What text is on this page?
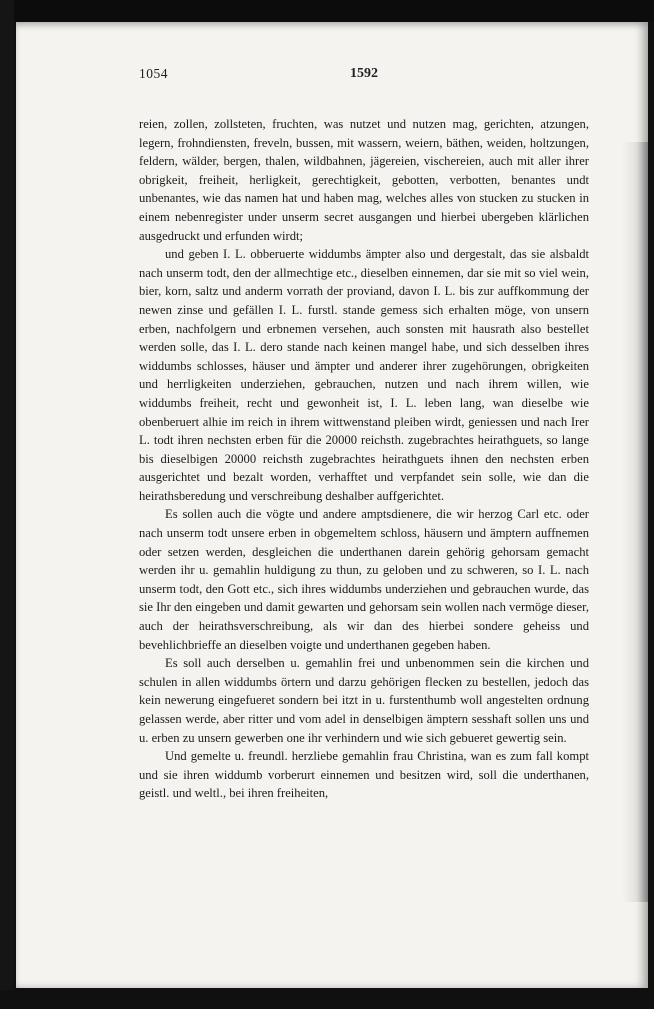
1054	1592

reien, zollen, zollsteten, fruchten, was nutzet und nutzen mag, gerichten, atzungen, legern, frohndiensten, freveln, bussen, mit wassern, weiern, bäthen, weiden, holtzungen, feldern, wälder, bergen, thalen, wildbahnen, jägereien, vischereien, auch mit aller ihrer obrigkeit, freiheit, herligkeit, gerechtigkeit, gebotten, verbotten, benantes undt unbenantes, wie das namen hat und haben mag, welches alles von stucken zu stucken in einem nebenregister under unserm secret ausgangen und hierbei ubergeben klärlichen ausgedruckt und erfunden wirdt;

und geben I. L. obberuerte widdumbs ämpter also und dergestalt, das sie alsbaldt nach unserm todt, den der allmechtige etc., dieselben einnemen, dar sie mit so viel wein, bier, korn, saltz und anderm vorrath der proviand, davon I. L. bis zur auffkommung der newen zinse und gefällen I. L. furstl. stande gemess sich erhalten möge, von unsern erben, nachfolgern und erbnemen versehen, auch sonsten mit hausrath also bestellet werden solle, das I. L. dero stande nach keinen mangel habe, und sich desselben ihres widdumbs schlosses, häuser und ämpter und anderer ihrer zugehörungen, obrigkeiten und herrligkeiten underziehen, gebrauchen, nutzen und nach ihrem willen, wie widdumbs freiheit, recht und gewonheit ist, I. L. leben lang, wan dieselbe wie obenberuert alhie im reich in ihrem wittwenstand pleiben wirdt, geniessen und nach Irer L. todt ihren nechsten erben für die 20000 reichsth. zugebrachtes heirathguets, so lange bis dieselbigen 20000 reichsth zugebrachtes heirathguets ihnen den nechsten erben ausgerichtet und bezalt worden, verhafftet und verpfandet sein solle, wie dan die heirathsberedung und verschreibung deshalber auffgerichtet.

Es sollen auch die vögte und andere amptsdienere, die wir herzog Carl etc. oder nach unserm todt unsere erben in obgemeltem schloss, häusern und ämptern auffnemen oder setzen werden, desgleichen die underthanen darein gehörig gehorsam gemacht werden ihr u. gemahlin huldigung zu thun, zu geloben und zu schweren, so I. L. nach unserm todt, den Gott etc., sich ihres widdumbs underziehen und gebrauchen wurde, das sie Ihr den eingeben und damit gewarten und gehorsam sein wollen nach vermöge dieser, auch der heirathsverschreibung, als wir dan des hierbei sondere geheiss und bevehlichbrieffe an dieselben voigte und underthanen gegeben haben.

Es soll auch derselben u. gemahlin frei und unbenommen sein die kirchen und schulen in allen widdumbs örtern und darzu gehörigen flecken zu bestellen, jedoch das kein newerung eingefueret sondern bei itzt in u. furstenthumb woll angestelten ordnung gelassen werde, aber ritter und vom adel in denselbigen ämptern sesshaft sollen uns und u. erben zu unsern gewerben one ihr verhindern und wie sich gebueret gewertig sein.

Und gemelte u. freundl. herzliebe gemahlin frau Christina, wan es zum fall kompt und sie ihren widdumb vorberurt einnemen und besitzen wird, soll die underthanen, geistl. und weltl., bei ihren freiheiten,
